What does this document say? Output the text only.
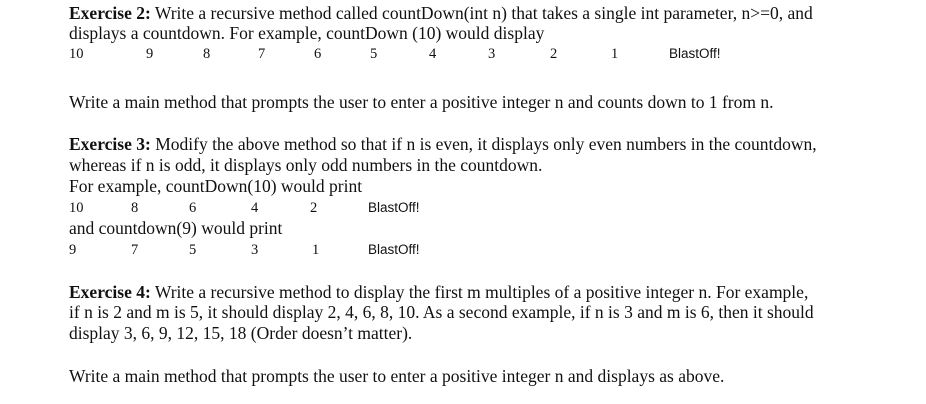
Exercise 2: Write a recursive method called countDown(int n) that takes a single int parameter, n>=0, and
displays a countdown. For example, countDown (10) would display
10	9	8	7	6	5	4	3	2	1	BlastOff!
Write a main method that prompts the user to enter a positive integer n and counts down to 1 from n.
Exercise 3: Modify the above method so that if n is even, it displays only even numbers in the countdown,
whereas if n is odd, it displays only odd numbers in the countdown.
For example, countDown(10) would print
10	8	6	4	2	BlastOff!
and countdown(9) would print
9	7	5	3	1	BlastOff!
Exercise 4: Write a recursive method to display the first m multiples of a positive integer n. For example,
if n is 2 and m is 5, it should display 2, 4, 6, 8, 10. As a second example, if n is 3 and m is 6, then it should
display 3, 6, 9, 12, 15, 18 (Order doesn’t matter).
Write a main method that prompts the user to enter a positive integer n and displays as above.
